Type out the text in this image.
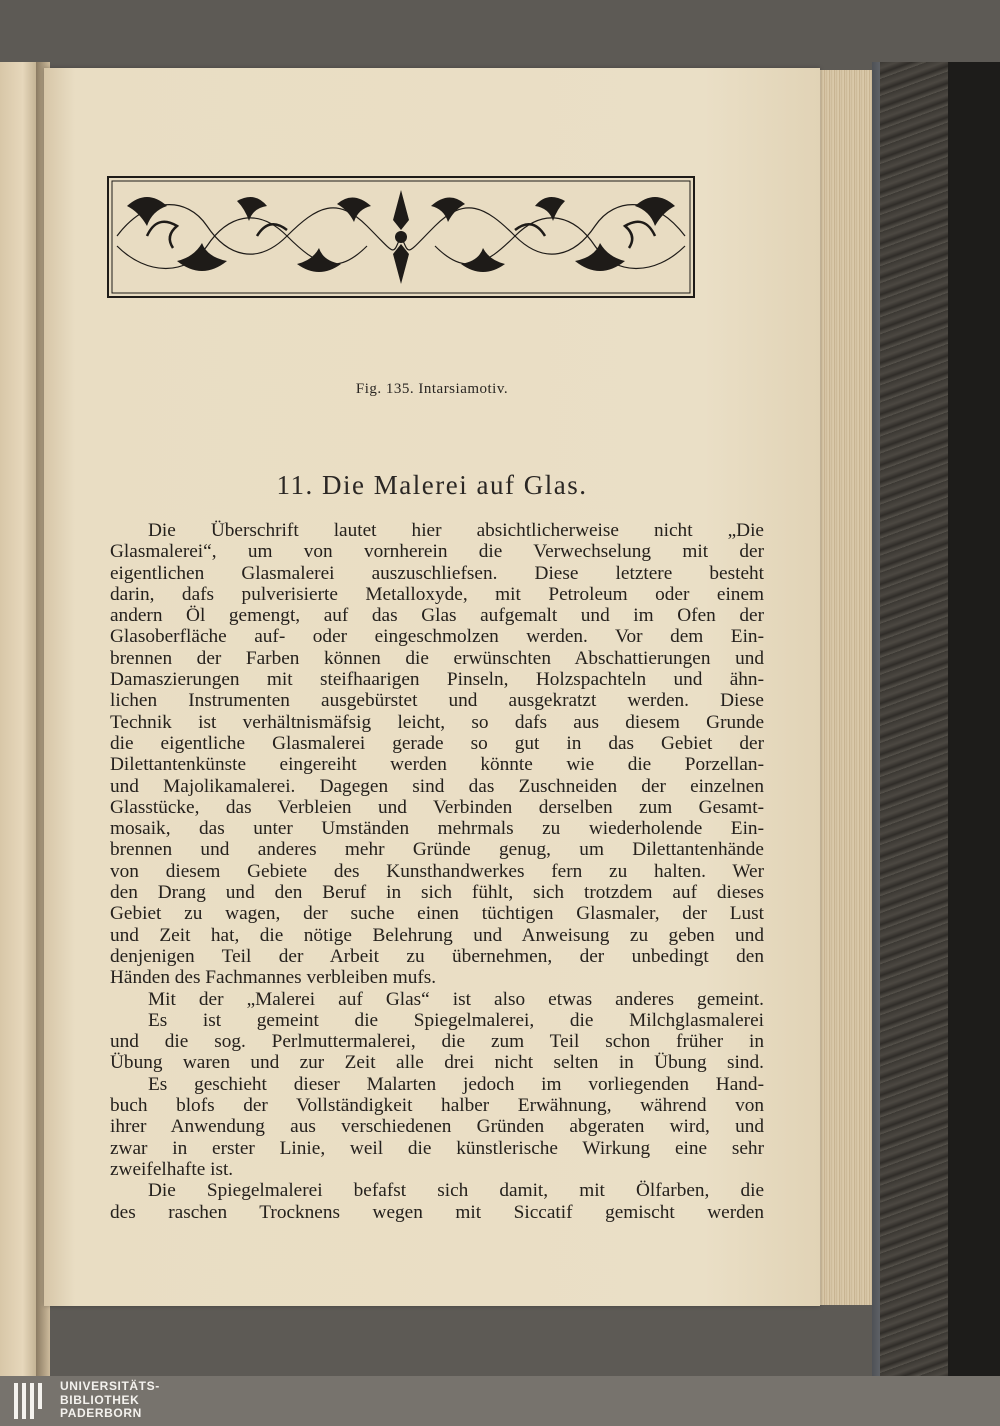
Fig. 135. Intarsiamotiv.
11. Die Malerei auf Glas.
Die Überschrift lautet hier absichtlicherweise nicht „Die
Glasmalerei“, um von vornherein die Verwechselung mit der
eigentlichen Glasmalerei auszuschliefsen. Diese letztere besteht
darin, dafs pulverisierte Metalloxyde, mit Petroleum oder einem
andern Öl gemengt, auf das Glas aufgemalt und im Ofen der
Glasoberfläche auf- oder eingeschmolzen werden. Vor dem Ein-
brennen der Farben können die erwünschten Abschattierungen und
Damaszierungen mit steifhaarigen Pinseln, Holzspachteln und ähn-
lichen Instrumenten ausgebürstet und ausgekratzt werden. Diese
Technik ist verhältnismäfsig leicht, so dafs aus diesem Grunde
die eigentliche Glasmalerei gerade so gut in das Gebiet der
Dilettantenkünste eingereiht werden könnte wie die Porzellan-
und Majolikamalerei. Dagegen sind das Zuschneiden der einzelnen
Glasstücke, das Verbleien und Verbinden derselben zum Gesamt-
mosaik, das unter Umständen mehrmals zu wiederholende Ein-
brennen und anderes mehr Gründe genug, um Dilettantenhände
von diesem Gebiete des Kunsthandwerkes fern zu halten. Wer
den Drang und den Beruf in sich fühlt, sich trotzdem auf dieses
Gebiet zu wagen, der suche einen tüchtigen Glasmaler, der Lust
und Zeit hat, die nötige Belehrung und Anweisung zu geben und
denjenigen Teil der Arbeit zu übernehmen, der unbedingt den
Händen des Fachmannes verbleiben mufs.
Mit der „Malerei auf Glas“ ist also etwas anderes gemeint.
Es ist gemeint die Spiegelmalerei, die Milchglasmalerei
und die sog. Perlmuttermalerei, die zum Teil schon früher in
Übung waren und zur Zeit alle drei nicht selten in Übung sind.
Es geschieht dieser Malarten jedoch im vorliegenden Hand-
buch blofs der Vollständigkeit halber Erwähnung, während von
ihrer Anwendung aus verschiedenen Gründen abgeraten wird, und
zwar in erster Linie, weil die künstlerische Wirkung eine sehr
zweifelhafte ist.
Die Spiegelmalerei befafst sich damit, mit Ölfarben, die
des raschen Trocknens wegen mit Siccatif gemischt werden
UNIVERSITÄTS-
BIBLIOTHEK
PADERBORN
